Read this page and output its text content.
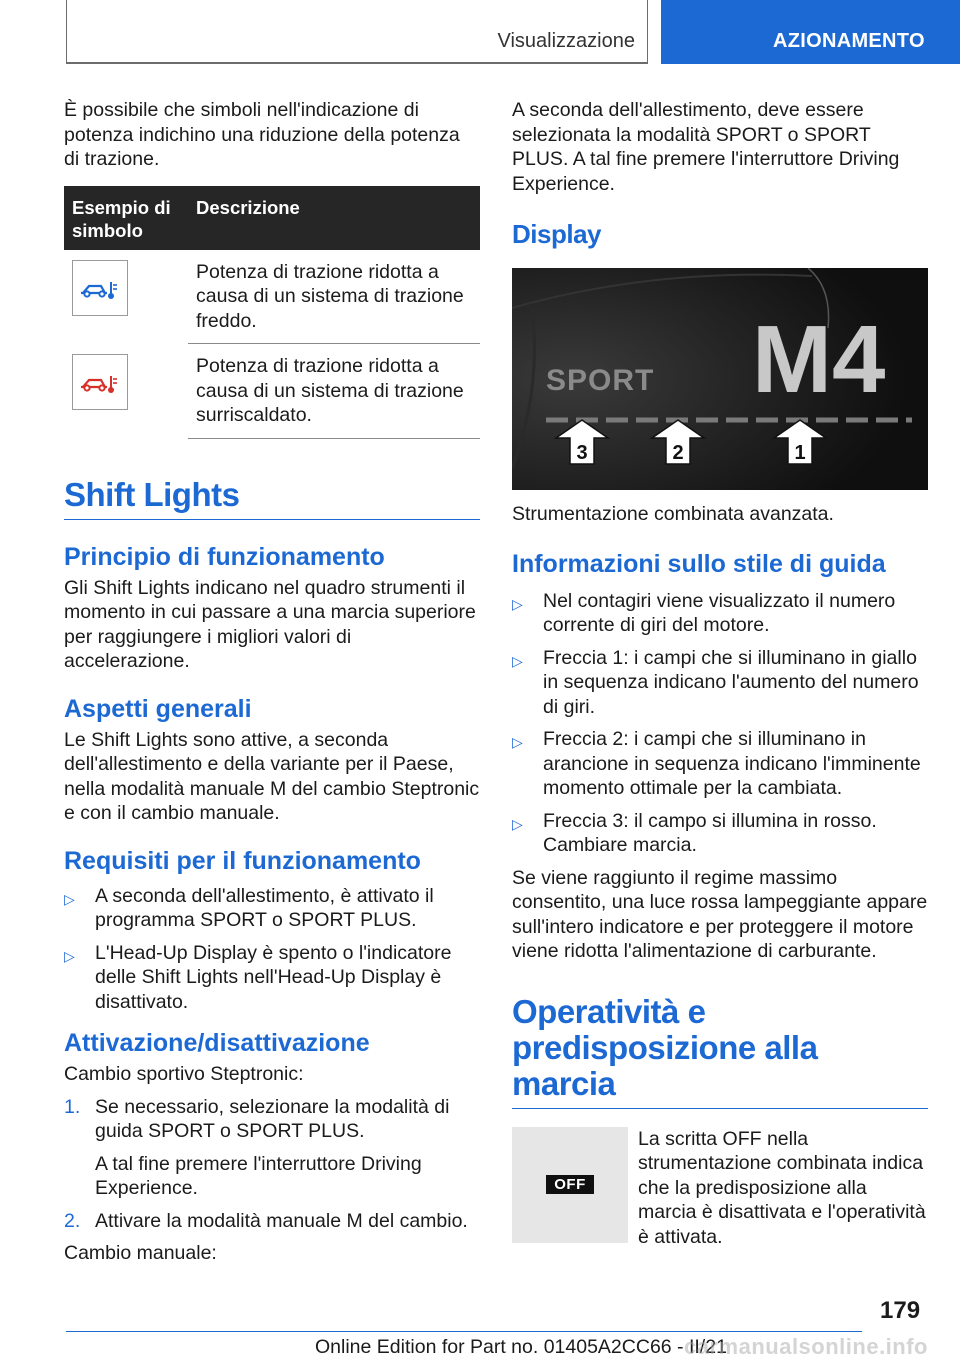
Visualizzazione	AZIONAMENTO

È possibile che simboli nell'indicazione di potenza indichino una riduzione della potenza di trazione.

Esempio di simbolo	Descrizione

	Potenza di trazione ridotta a causa di un sistema di trazione freddo.

	Potenza di trazione ridotta a causa di un sistema di trazione surriscaldato.
Shift Lights
Principio di funzionamento

Gli Shift Lights indicano nel quadro strumenti il momento in cui passare a una marcia superiore per raggiungere i migliori valori di accelerazione.

Aspetti generali

Le Shift Lights sono attive, a seconda dell'allestimento e della variante per il Paese, nella modalità manuale M del cambio Steptronic e con il cambio manuale.

Requisiti per il funzionamento
▷ A seconda dell'allestimento, è attivato il programma SPORT o SPORT PLUS.
▷ L'Head-Up Display è spento o l'indicatore delle Shift Lights nell'Head-Up Display è disattivato.
Attivazione/disattivazione

Cambio sportivo Steptronic:

1. Se necessario, selezionare la modalità di guida SPORT o SPORT PLUS.
A tal fine premere l'interruttore Driving Experience.
2. Attivare la modalità manuale M del cambio.

Cambio manuale:

A seconda dell'allestimento, deve essere selezionata la modalità SPORT o SPORT PLUS. A tal fine premere l'interruttore Driving Experience.

Display
SPORT M4
3	2	1

Strumentazione combinata avanzata.

Informazioni sullo stile di guida
▷ Nel contagiri viene visualizzato il numero corrente di giri del motore.
▷ Freccia 1: i campi che si illuminano in giallo in sequenza indicano l'aumento del numero di giri.
▷ Freccia 2: i campi che si illuminano in arancione in sequenza indicano l'imminente momento ottimale per la cambiata.
▷ Freccia 3: il campo si illumina in rosso. Cambiare marcia.

Se viene raggiunto il regime massimo consentito, una luce rossa lampeggiante appare sull'intero indicatore e per proteggere il motore viene ridotta l'alimentazione di carburante.

Operatività e
predisposizione alla marcia
OFF

La scritta OFF nella strumentazione combinata indica che la predisposizione alla marcia è disattivata e l'operatività è attivata.

179
Online Edition for Part no. 01405A2CC66 - II/21
carmanualsonline.info
